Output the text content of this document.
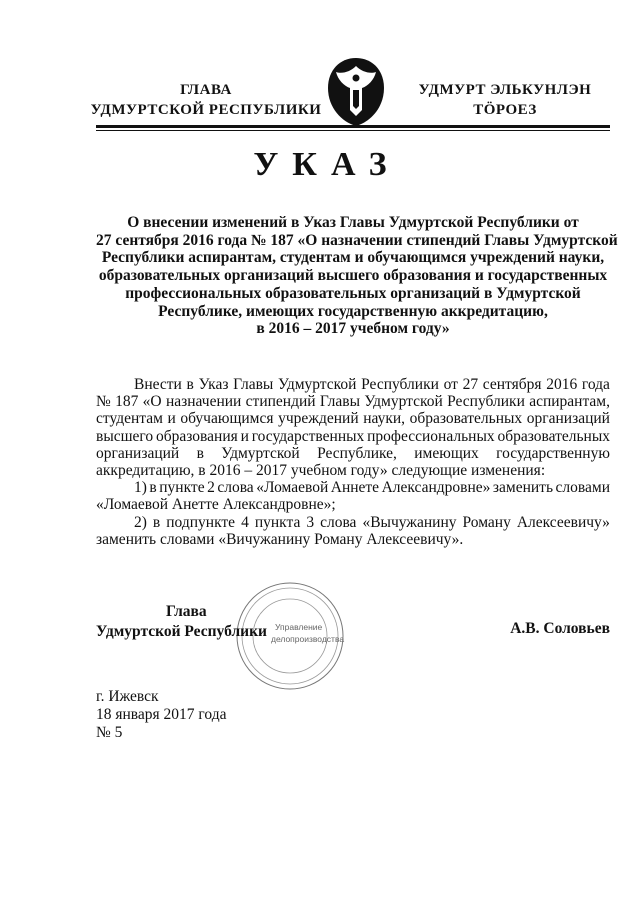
ГЛАВА
УДМУРТСКОЙ РЕСПУБЛИКИ
УДМУРТ ЭЛЬКУНЛЭН
ТӦРОЕЗ
УКАЗ
О внесении изменений в Указ Главы Удмуртской Республики от
27 сентября 2016 года № 187 «О назначении стипендий Главы Удмуртской
Республики аспирантам, студентам и обучающимся учреждений науки,
образовательных организаций высшего образования и государственных
профессиональных образовательных организаций в Удмуртской
Республике, имеющих государственную аккредитацию,
в 2016 – 2017 учебном году»
Внести в Указ Главы Удмуртской Республики от 27 сентября 2016 года
№ 187 «О назначении стипендий Главы Удмуртской Республики аспирантам,
студентам и обучающимся учреждений науки, образовательных организаций
высшего образования и государственных профессиональных образовательных
организаций в Удмуртской Республике, имеющих государственную
аккредитацию, в 2016 – 2017 учебном году» следующие изменения:
1) в пункте 2 слова «Ломаевой Аннете Александровне» заменить словами
«Ломаевой Анетте Александровне»;
2) в подпункте 4 пункта 3 слова «Вычужанину Роману Алексеевичу»
заменить словами «Вичужанину Роману Алексеевичу».
Управление
делопроизводства
Глава
Удмуртской Республики	А.В. Соловьев
г. Ижевск
18 января 2017 года
№ 5
